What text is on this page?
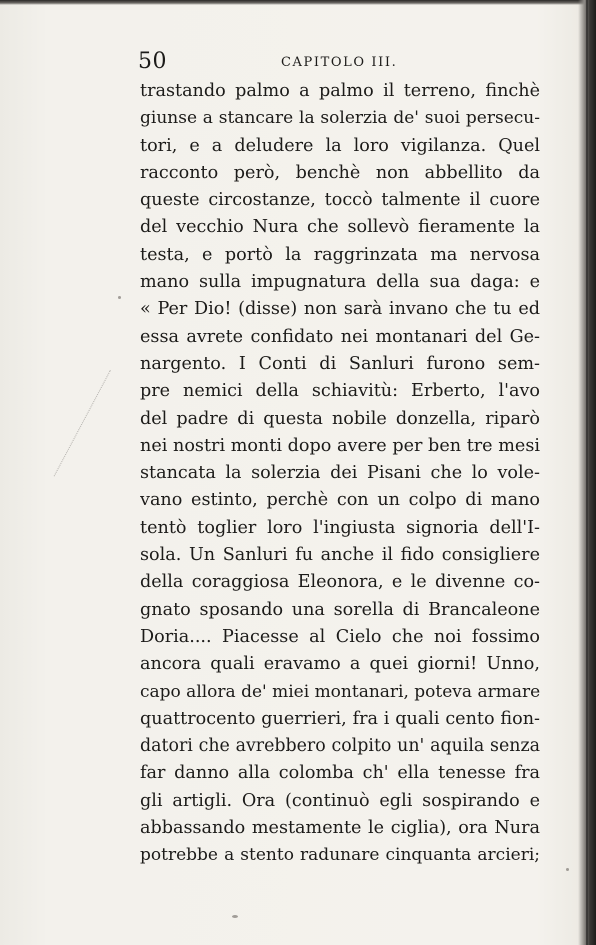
50	CAPITOLO III.
trastando palmo a palmo il terreno, finchè
giunse a stancare la solerzia de' suoi persecu-
tori, e a deludere la loro vigilanza. Quel
racconto però, benchè non abbellito da
queste circostanze, toccò talmente il cuore
del vecchio Nura che sollevò fieramente la
testa, e portò la raggrinzata ma nervosa
mano sulla impugnatura della sua daga: e
« Per Dio! (disse) non sarà invano che tu ed
essa avrete confidato nei montanari del Ge-
nargento. I Conti di Sanluri furono sem-
pre nemici della schiavitù: Erberto, l'avo
del padre di questa nobile donzella, riparò
nei nostri monti dopo avere per ben tre mesi
stancata la solerzia dei Pisani che lo vole-
vano estinto, perchè con un colpo di mano
tentò toglier loro l'ingiusta signoria dell'I-
sola. Un Sanluri fu anche il fido consigliere
della coraggiosa Eleonora, e le divenne co-
gnato sposando una sorella di Brancaleone
Doria.... Piacesse al Cielo che noi fossimo
ancora quali eravamo a quei giorni! Unno,
capo allora de' miei montanari, poteva armare
quattrocento guerrieri, fra i quali cento fion-
datori che avrebbero colpito un' aquila senza
far danno alla colomba ch' ella tenesse fra
gli artigli. Ora (continuò egli sospirando e
abbassando mestamente le ciglia), ora Nura
potrebbe a stento radunare cinquanta arcieri;
